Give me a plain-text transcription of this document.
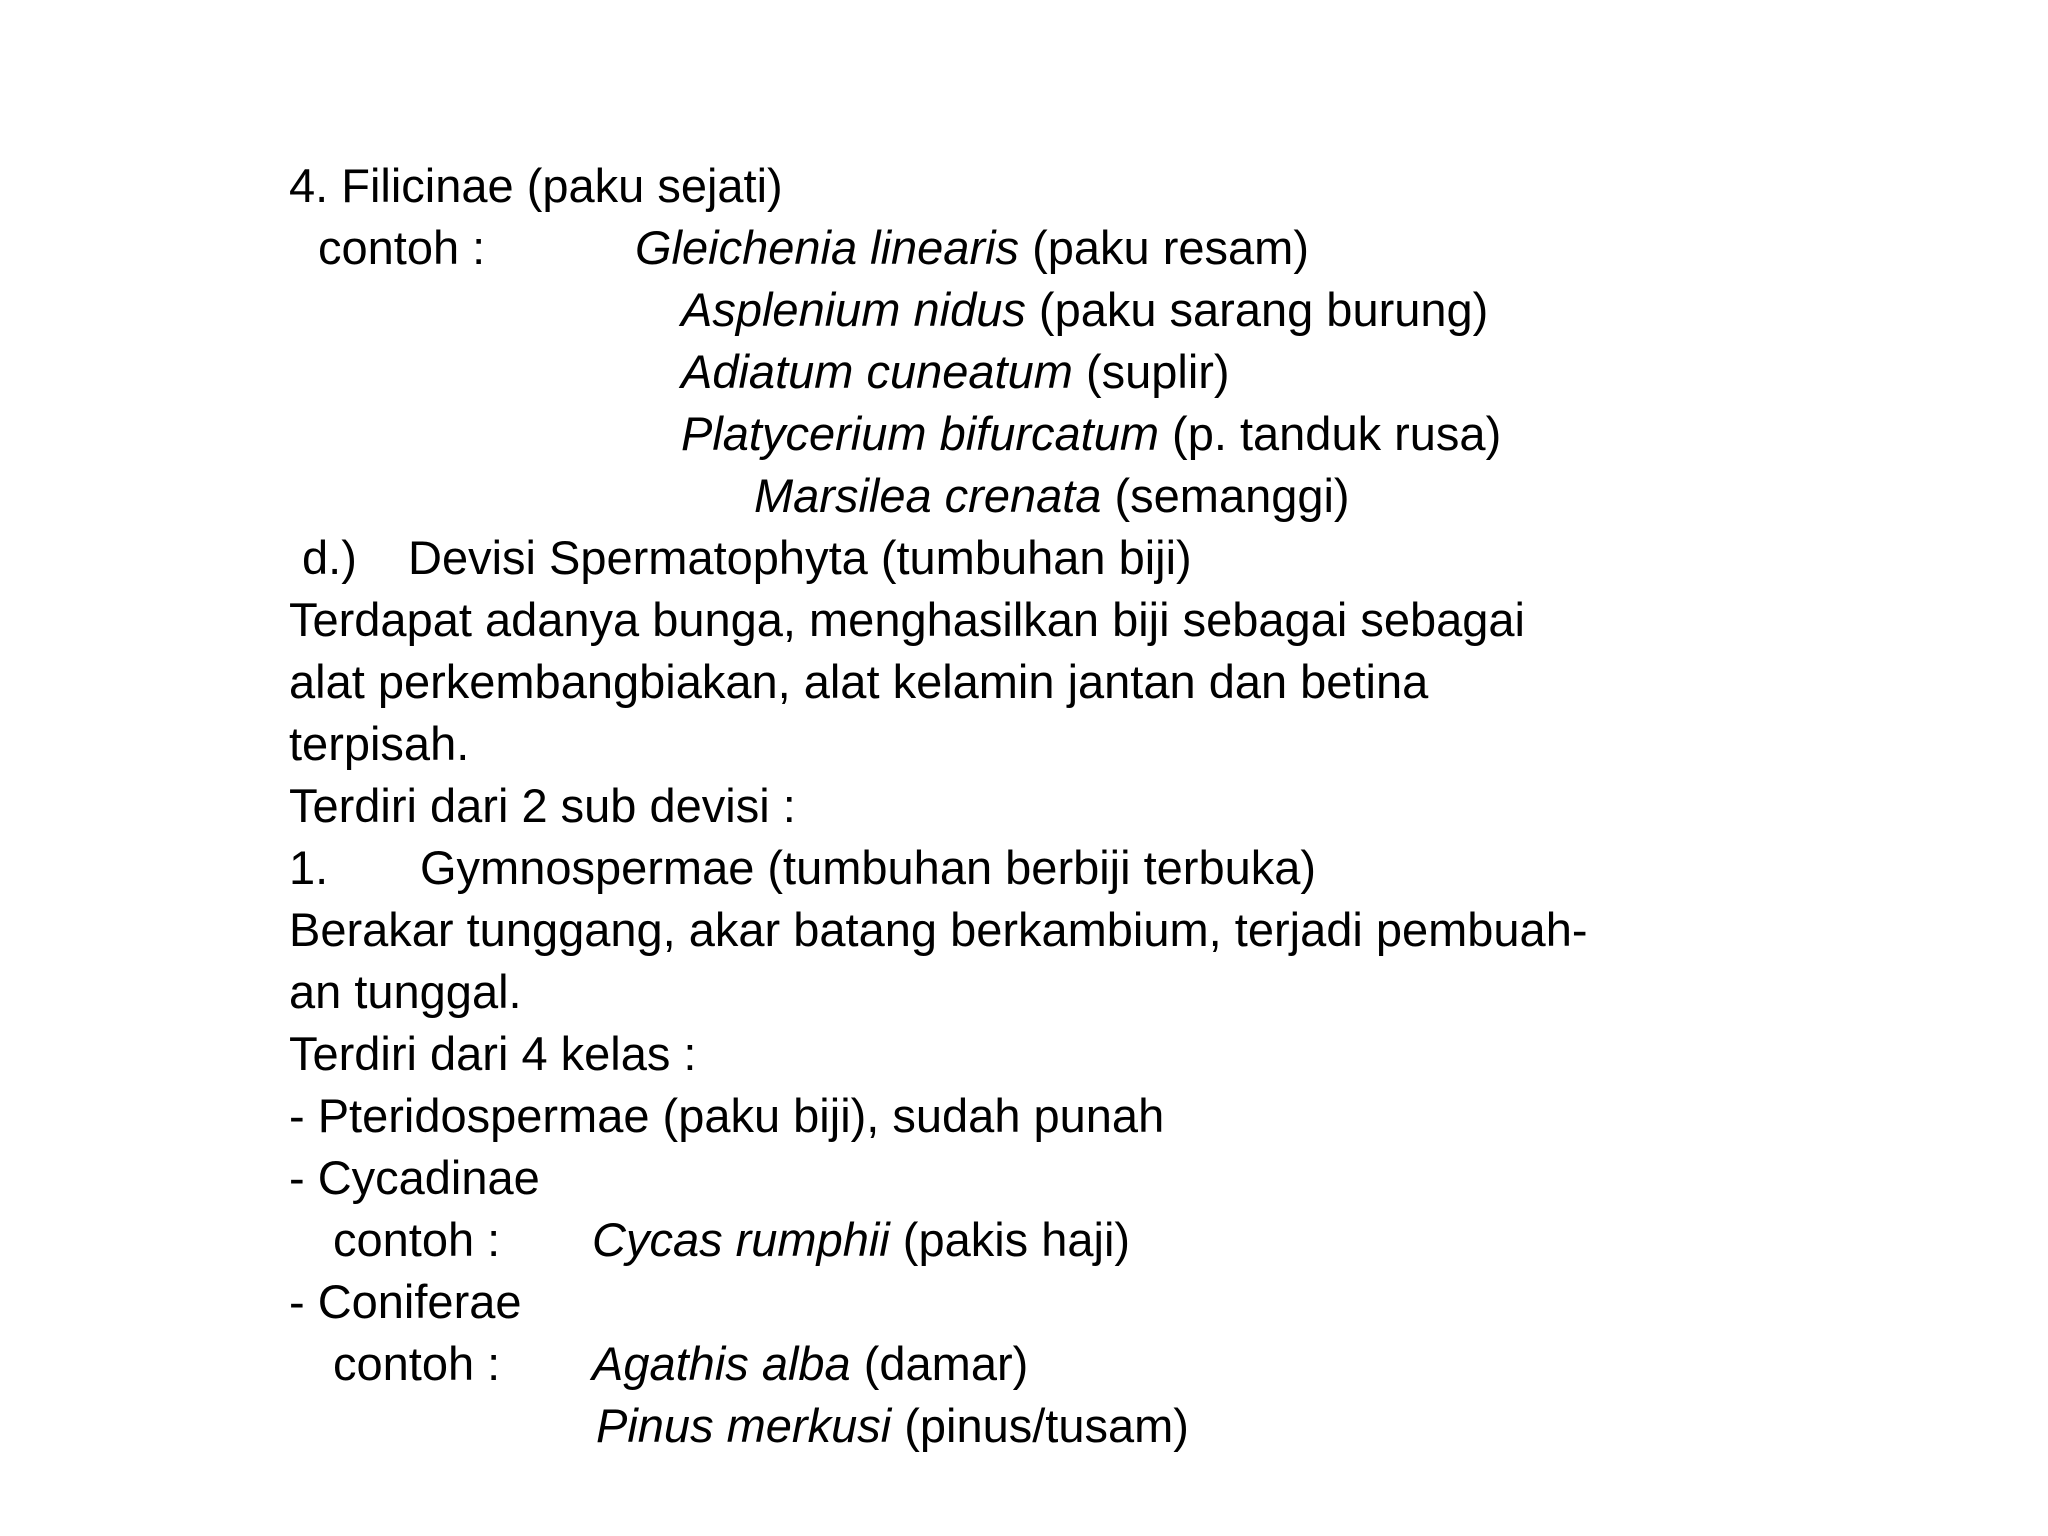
4. Filicinae (paku sejati)
contoh :	Gleichenia linearis (paku resam)
Asplenium nidus (paku sarang burung)
Adiatum cuneatum (suplir)
Platycerium bifurcatum (p. tanduk rusa)
Marsilea crenata (semanggi)
d.) Devisi Spermatophyta (tumbuhan biji)
Terdapat adanya bunga, menghasilkan biji sebagai sebagai
alat perkembangbiakan, alat kelamin jantan dan betina
terpisah.
Terdiri dari 2 sub devisi :
1. Gymnospermae (tumbuhan berbiji terbuka)
Berakar tunggang, akar batang berkambium, terjadi pembuah-
an tunggal.
Terdiri dari 4 kelas :
- Pteridospermae (paku biji), sudah punah
- Cycadinae
contoh : Cycas rumphii (pakis haji)
- Coniferae
contoh : Agathis alba (damar)
Pinus merkusi (pinus/tusam)
